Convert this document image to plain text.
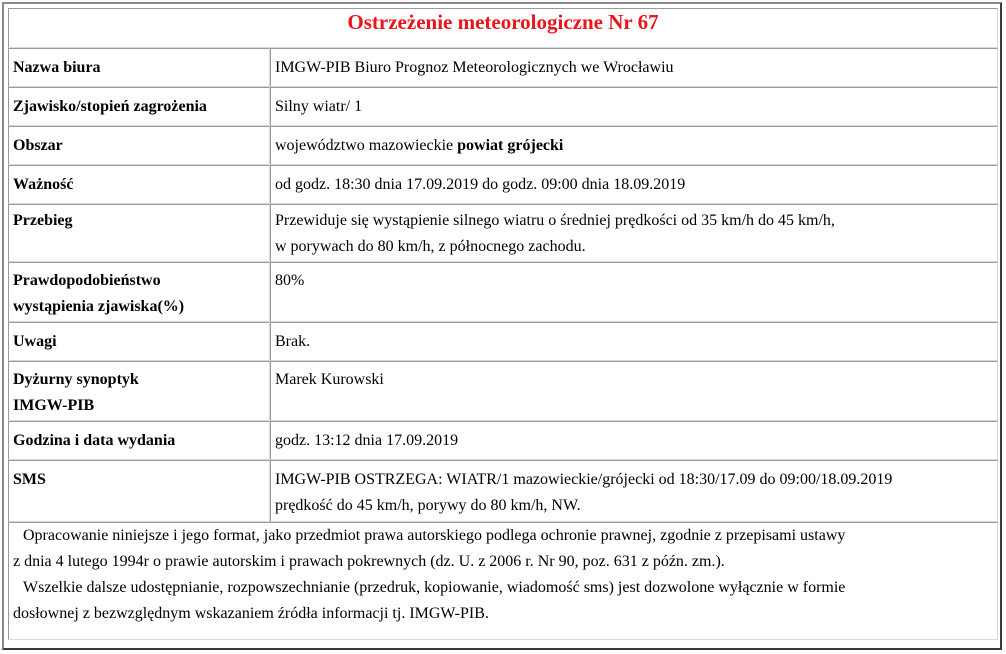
Ostrzeżenie meteorologiczne Nr 67	
Nazwa biura	IMGW-PIB Biuro Prognoz Meteorologicznych we Wrocławiu
Zjawisko/stopień zagrożenia	Silny wiatr/ 1
Obszar	województwo mazowieckie powiat grójecki
Ważność	od godz. 18:30 dnia 17.09.2019 do godz. 09:00 dnia 18.09.2019
Przebieg	Przewiduje się wystąpienie silnego wiatru o średniej prędkości od 35 km/h do 45 km/h,
w porywach do 80 km/h, z północnego zachodu.

Prawdopodobieństwo
wystąpienia zjawiska(%)	80%
Uwagi	Brak.

Dyżurny synoptyk
IMGW-PIB	Marek Kurowski
Godzina i data wydania	godz. 13:12 dnia 17.09.2019
SMS	IMGW-PIB OSTRZEGA: WIATR/1 mazowieckie/grójecki od 18:30/17.09 do 09:00/18.09.2019
prędkość do 45 km/h, porywy do 80 km/h, NW.

Opracowanie niniejsze i jego format, jako przedmiot prawa autorskiego podlega ochronie prawnej, zgodnie z przepisami ustawy
z dnia 4 lutego 1994r o prawie autorskim i prawach pokrewnych (dz. U. z 2006 r. Nr 90, poz. 631 z późn. zm.).
Wszelkie dalsze udostępnianie, rozpowszechnianie (przedruk, kopiowanie, wiadomość sms) jest dozwolone wyłącznie w formie
dosłownej z bezwzględnym wskazaniem źródła informacji tj. IMGW-PIB.	
